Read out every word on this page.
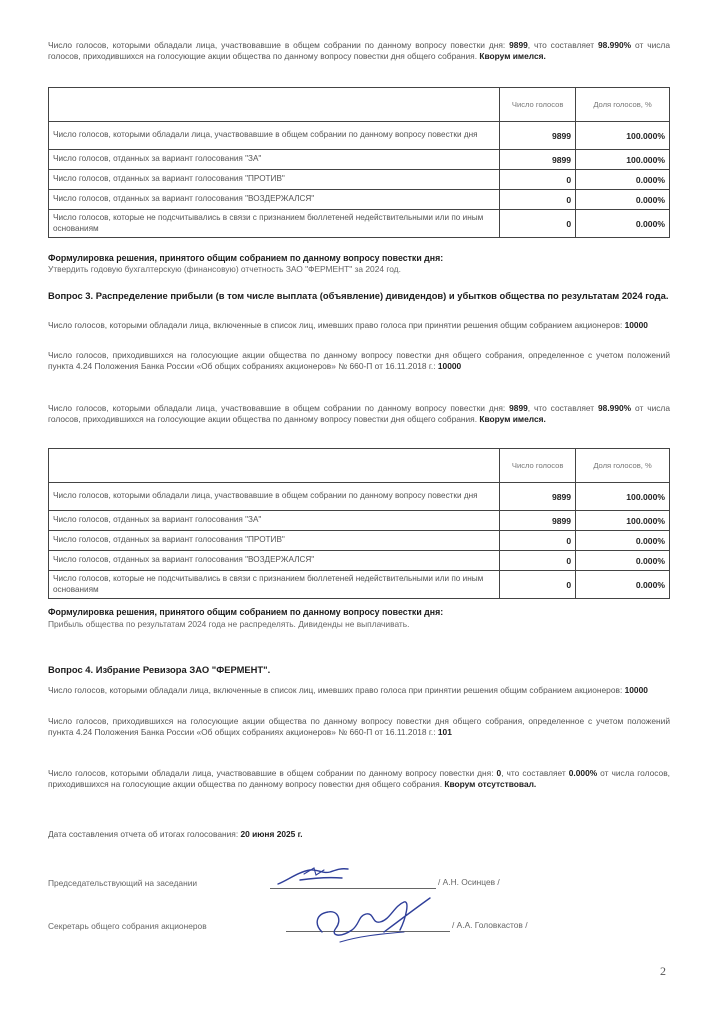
Число голосов, которыми обладали лица, участвовавшие в общем собрании по данному вопросу повестки дня: 9899, что составляет 98.990% от числа голосов, приходившихся на голосующие акции общества по данному вопросу повестки дня общего собрания. Кворум имелся.
	Число голосов	Доля голосов, %
Число голосов, которыми обладали лица, участвовавшие в общем собрании по данному вопросу повестки дня	9899	100.000%
Число голосов, отданных за вариант голосования "ЗА"	9899	100.000%
Число голосов, отданных за вариант голосования "ПРОТИВ"	0	0.000%
Число голосов, отданных за вариант голосования "ВОЗДЕРЖАЛСЯ"	0	0.000%
Число голосов, которые не подсчитывались в связи с признанием бюллетеней недействительными или по иным основаниям	0	0.000%
Формулировка решения, принятого общим собранием по данному вопросу повестки дня:
Утвердить годовую бухгалтерскую (финансовую) отчетность ЗАО "ФЕРМЕНТ" за 2024 год.
Вопрос 3. Распределение прибыли (в том числе выплата (объявление) дивидендов) и убытков общества по результатам 2024 года.
Число голосов, которыми обладали лица, включенные в список лиц, имевших право голоса при принятии решения общим собранием акционеров: 10000
Число голосов, приходившихся на голосующие акции общества по данному вопросу повестки дня общего собрания, определенное с учетом положений пункта 4.24 Положения Банка России «Об общих собраниях акционеров» № 660-П от 16.11.2018 г.: 10000
Число голосов, которыми обладали лица, участвовавшие в общем собрании по данному вопросу повестки дня: 9899, что составляет 98.990% от числа голосов, приходившихся на голосующие акции общества по данному вопросу повестки дня общего собрания. Кворум имелся.
	Число голосов	Доля голосов, %
Число голосов, которыми обладали лица, участвовавшие в общем собрании по данному вопросу повестки дня	9899	100.000%
Число голосов, отданных за вариант голосования "ЗА"	9899	100.000%
Число голосов, отданных за вариант голосования "ПРОТИВ"	0	0.000%
Число голосов, отданных за вариант голосования "ВОЗДЕРЖАЛСЯ"	0	0.000%
Число голосов, которые не подсчитывались в связи с признанием бюллетеней недействительными или по иным основаниям	0	0.000%
Формулировка решения, принятого общим собранием по данному вопросу повестки дня:
Прибыль общества по результатам 2024 года не распределять. Дивиденды не выплачивать.
Вопрос 4. Избрание Ревизора ЗАО "ФЕРМЕНТ".
Число голосов, которыми обладали лица, включенные в список лиц, имевших право голоса при принятии решения общим собранием акционеров: 10000
Число голосов, приходившихся на голосующие акции общества по данному вопросу повестки дня общего собрания, определенное с учетом положений пункта 4.24 Положения Банка России «Об общих собраниях акционеров» № 660-П от 16.11.2018 г.: 101
Число голосов, которыми обладали лица, участвовавшие в общем собрании по данному вопросу повестки дня: 0, что составляет 0.000% от числа голосов, приходившихся на голосующие акции общества по данному вопросу повестки дня общего собрания. Кворум отсутствовал.
Дата составления отчета об итогах голосования: 20 июня 2025 г.
Председательствующий на заседании	/ А.Н. Осинцев /
Секретарь общего собрания акционеров	/ А.А. Головкастов /
2
